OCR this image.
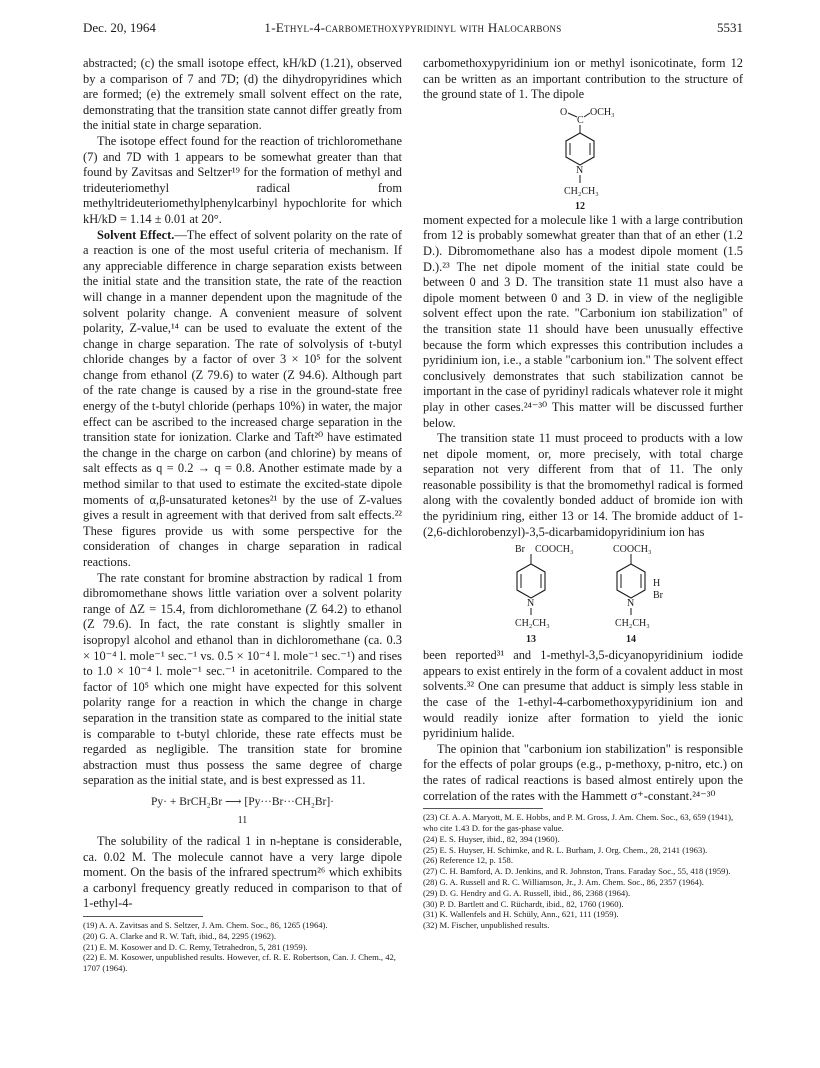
Dec. 20, 1964	1-Ethyl-4-carbomethoxypyridinyl with Halocarbons	5531

abstracted; (c) the small isotope effect, kH/kD (1.21), observed by a comparison of 7 and 7D; (d) the dihydropyridines which are formed; (e) the extremely small solvent effect on the rate, demonstrating that the transition state cannot differ greatly from the initial state in charge separation.

The isotope effect found for the reaction of trichloromethane (7) and 7D with 1 appears to be somewhat greater than that found by Zavitsas and Seltzer¹⁹ for the formation of methyl and trideuteriomethyl radical from methyltrideuteriomethylphenylcarbinyl hypochlorite for which kH/kD = 1.14 ± 0.01 at 20°.

Solvent Effect.—The effect of solvent polarity on the rate of a reaction is one of the most useful criteria of mechanism. If any appreciable difference in charge separation exists between the initial state and the transition state, the rate of the reaction will change in a manner dependent upon the magnitude of the solvent polarity change. A convenient measure of solvent polarity, Z-value,¹⁴ can be used to evaluate the extent of the change in charge separation. The rate of solvolysis of t-butyl chloride changes by a factor of over 3 × 10⁵ for the solvent change from ethanol (Z 79.6) to water (Z 94.6). Although part of the rate change is caused by a rise in the ground-state free energy of the t-butyl chloride (perhaps 10%) in water, the major effect can be ascribed to the increased charge separation in the transition state for ionization. Clarke and Taft²⁰ have estimated the change in the charge on carbon (and chlorine) by means of salt effects as q = 0.2 → q = 0.8. Another estimate made by a method similar to that used to estimate the excited-state dipole moments of α,β-unsaturated ketones²¹ by the use of Z-values gives a result in agreement with that derived from salt effects.²² These figures provide us with some perspective for the consideration of changes in charge separation in radical reactions.

The rate constant for bromine abstraction by radical 1 from dibromomethane shows little variation over a solvent polarity range of ΔZ = 15.4, from dichloromethane (Z 64.2) to ethanol (Z 79.6). In fact, the rate constant is slightly smaller in isopropyl alcohol and ethanol than in dichloromethane (ca. 0.3 × 10⁻⁴ l. mole⁻¹ sec.⁻¹ vs. 0.5 × 10⁻⁴ l. mole⁻¹ sec.⁻¹) and rises to 1.0 × 10⁻⁴ l. mole⁻¹ sec.⁻¹ in acetonitrile. Compared to the factor of 10⁵ which one might have expected for this solvent polarity range for a reaction in which the change in charge separation in the transition state as compared to the initial state is comparable to t-butyl chloride, these rate effects must be regarded as negligible. The transition state for bromine abstraction must thus possess the same degree of charge separation as the initial state, and is best expressed as 11.

Py· + BrCH₂Br ⟶ [Py···Br···CH₂Br]·
11

The solubility of the radical 1 in n-heptane is considerable, ca. 0.02 M. The molecule cannot have a very large dipole moment. On the basis of the infrared spectrum²⁶ which exhibits a carbonyl frequency greatly reduced in comparison to that of 1-ethyl-4-

(19) A. A. Zavitsas and S. Seltzer, J. Am. Chem. Soc., 86, 1265 (1964).

(20) G. A. Clarke and R. W. Taft, ibid., 84, 2295 (1962).

(21) E. M. Kosower and D. C. Remy, Tetrahedron, 5, 281 (1959).

(22) E. M. Kosower, unpublished results. However, cf. R. E. Robertson, Can. J. Chem., 42, 1707 (1964).

carbomethoxypyridinium ion or methyl isonicotinate, form 12 can be written as an important contribution to the structure of the ground state of 1. The dipole

O
C
OCH₃
N
CH₂CH₃
12

moment expected for a molecule like 1 with a large contribution from 12 is probably somewhat greater than that of an ether (1.2 D.). Dibromomethane also has a modest dipole moment (1.5 D.).²³ The net dipole moment of the initial state could be between 0 and 3 D. The transition state 11 must also have a dipole moment between 0 and 3 D. in view of the negligible solvent effect upon the rate. "Carbonium ion stabilization" of the transition state 11 should have been unusually effective because the form which expresses this contribution includes a pyridinium ion, i.e., a stable "carbonium ion." The solvent effect conclusively demonstrates that such stabilization cannot be important in the case of pyridinyl radicals whatever role it might play in other cases.²⁴⁻³⁰ This matter will be discussed further below.

The transition state 11 must proceed to products with a low net dipole moment, or, more precisely, with total charge separation not very different from that of 11. The only reasonable possibility is that the bromomethyl radical is formed along with the covalently bonded adduct of bromide ion with the pyridinium ring, either 13 or 14. The bromide adduct of 1-(2,6-dichlorobenzyl)-3,5-dicarbamidopyridinium ion has

Br COOCH₃
N
CH₂CH₃
13
COOCH₃
H
Br
N
CH₂CH₃
14

been reported³¹ and 1-methyl-3,5-dicyanopyridinium iodide appears to exist entirely in the form of a covalent adduct in most solvents.³² One can presume that adduct is simply less stable in the case of the 1-ethyl-4-carbomethoxypyridinium ion and would readily ionize after formation to yield the ionic pyridinium halide.

The opinion that "carbonium ion stabilization" is responsible for the effects of polar groups (e.g., p-methoxy, p-nitro, etc.) on the rates of radical reactions is based almost entirely upon the correlation of the rates with the Hammett σ⁺-constant.²⁴⁻³⁰

(23) Cf. A. A. Maryott, M. E. Hobbs, and P. M. Gross, J. Am. Chem. Soc., 63, 659 (1941), who cite 1.43 D. for the gas-phase value.

(24) E. S. Huyser, ibid., 82, 394 (1960).

(25) E. S. Huyser, H. Schimke, and R. L. Burham, J. Org. Chem., 28, 2141 (1963).

(26) Reference 12, p. 158.

(27) C. H. Bamford, A. D. Jenkins, and R. Johnston, Trans. Faraday Soc., 55, 418 (1959).

(28) G. A. Russell and R. C. Williamson, Jr., J. Am. Chem. Soc., 86, 2357 (1964).

(29) D. G. Hendry and G. A. Russell, ibid., 86, 2368 (1964).

(30) P. D. Bartlett and C. Rüchardt, ibid., 82, 1760 (1960).

(31) K. Wallenfels and H. Schüly, Ann., 621, 111 (1959).

(32) M. Fischer, unpublished results.
